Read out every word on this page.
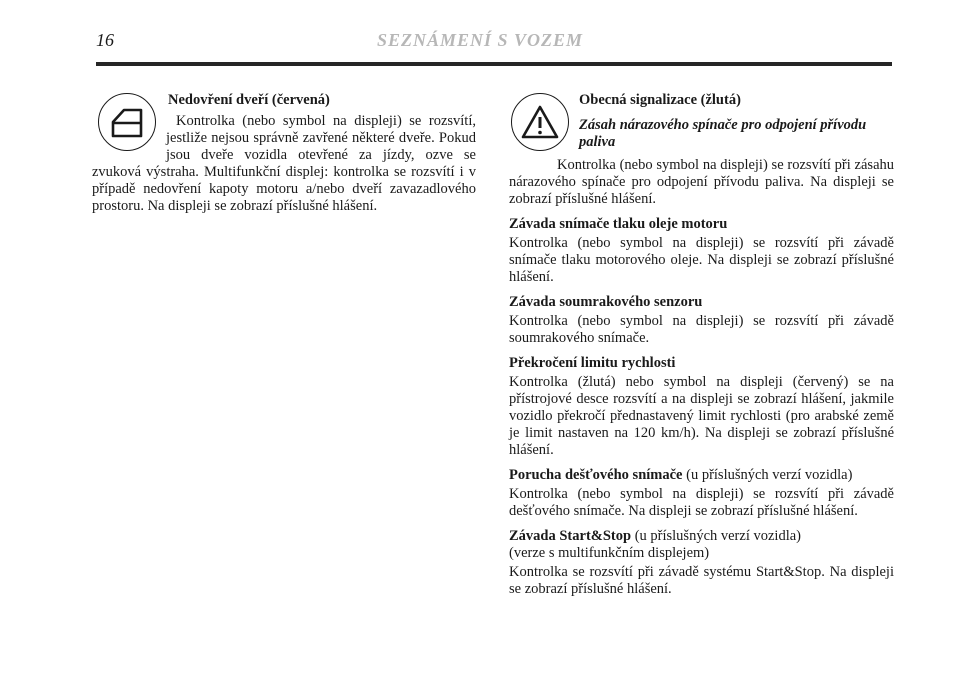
16	SEZNÁMENÍ S VOZEM
Nedovření dveří (červená)

Kontrolka (nebo symbol na displeji) se rozsvítí, jestliže nejsou správně zavřené některé dveře. Pokud jsou dveře vozidla otevřené za jízdy, ozve se zvuková výstraha. Multifunkční displej: kontrolka se rozsvítí i v případě nedovření kapoty motoru a/nebo dveří zavazadlového prostoru. Na displeji se zobrazí příslušné hlášení.

Obecná signalizace (žlutá)
Zásah nárazového spínače pro odpojení přívodu paliva

Kontrolka (nebo symbol na displeji) se rozsvítí při zásahu nárazového spínače pro odpojení přívodu paliva. Na displeji se zobrazí příslušné hlášení.

Závada snímače tlaku oleje motoru

Kontrolka (nebo symbol na displeji) se rozsvítí při závadě snímače tlaku motorového oleje. Na displeji se zobrazí příslušné hlášení.

Závada soumrakového senzoru

Kontrolka (nebo symbol na displeji) se rozsvítí při závadě soumrakového snímače.

Překročení limitu rychlosti

Kontrolka (žlutá) nebo symbol na displeji (červený) se na přístrojové desce rozsvítí a na displeji se zobrazí hlášení, jakmile vozidlo překročí přednastavený limit rychlosti (pro arabské země je limit nastaven na 120 km/h). Na displeji se zobrazí příslušné hlášení.

Porucha dešťového snímače (u příslušných verzí vozidla)

Kontrolka (nebo symbol na displeji) se rozsvítí při závadě dešťového snímače. Na displeji se zobrazí příslušné hlášení.

Závada Start&Stop (u příslušných verzí vozidla)
(verze s multifunkčním displejem)

Kontrolka se rozsvítí při závadě systému Start&Stop. Na displeji se zobrazí příslušné hlášení.
